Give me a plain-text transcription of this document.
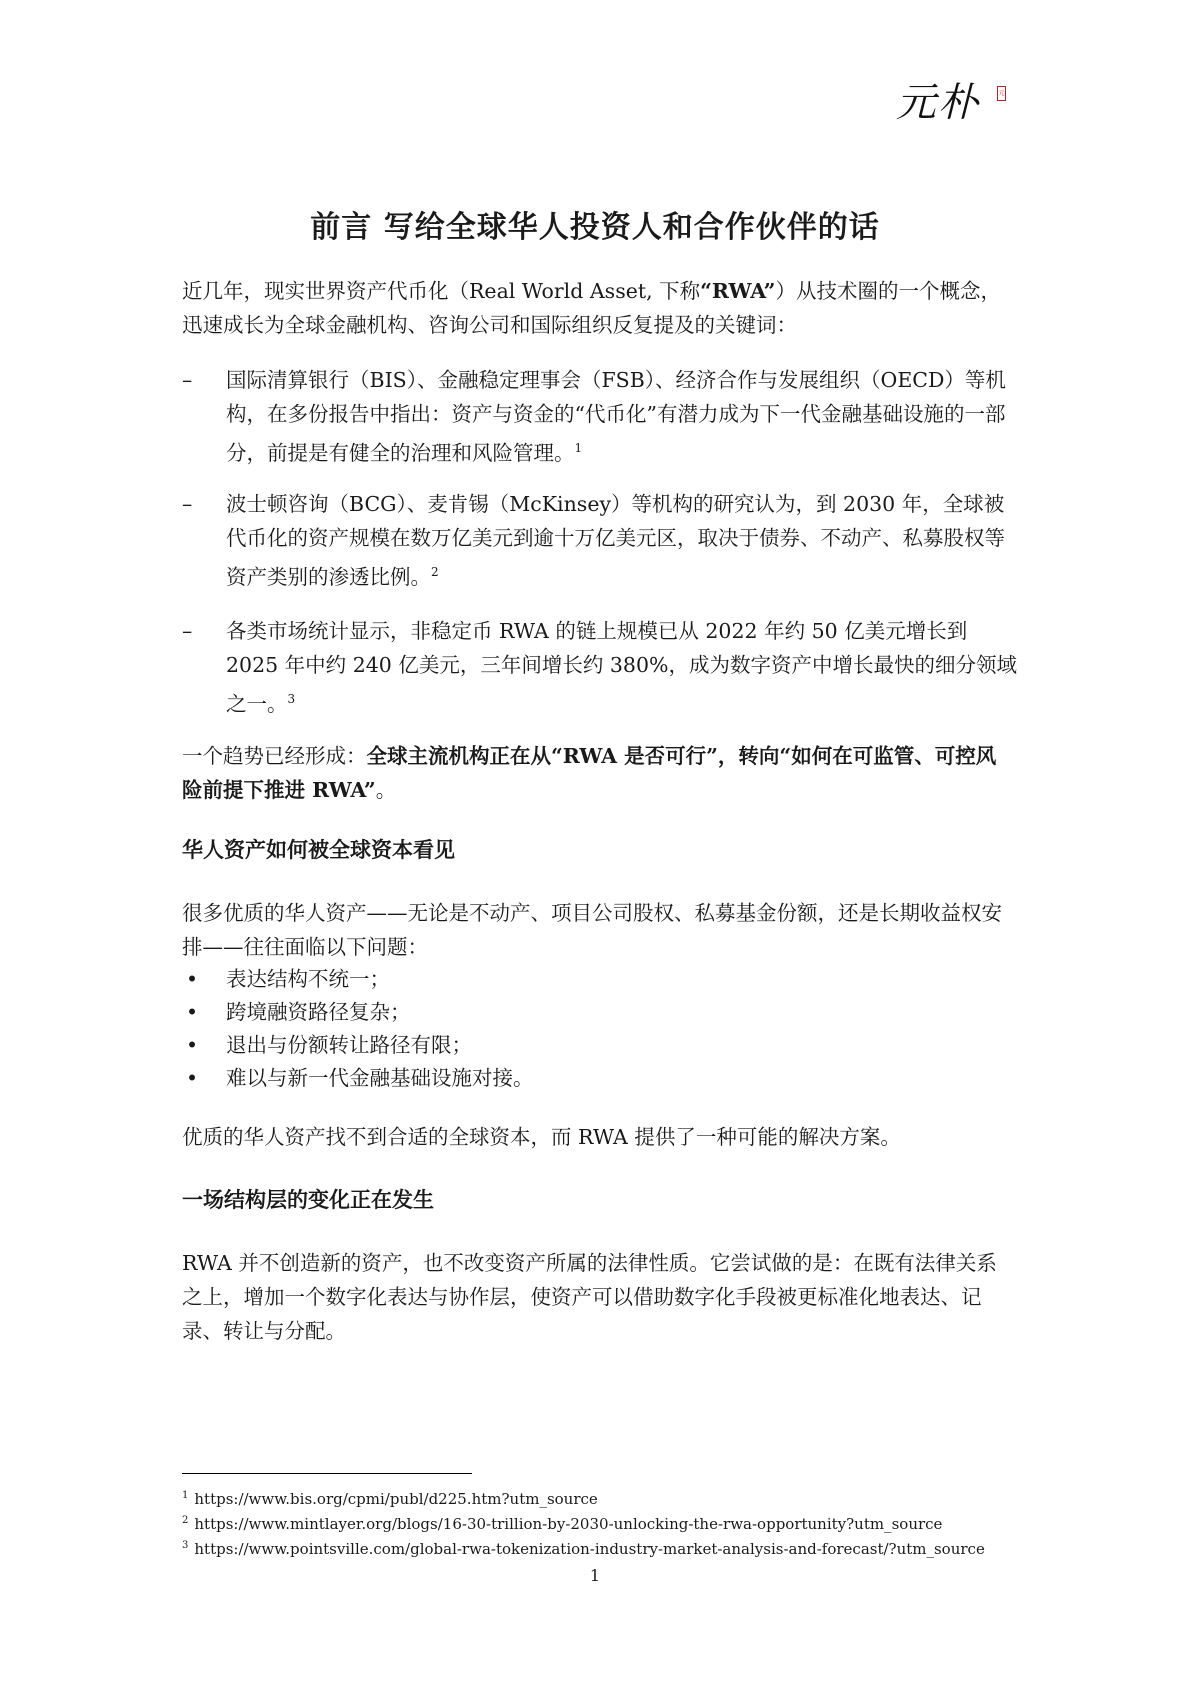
元朴	元
前言 写给全球华人投资人和合作伙伴的话

近几年，现实世界资产代币化（Real World Asset, 下称“RWA”）从技术圈的一个概念，迅速成长为全球金融机构、咨询公司和国际组织反复提及的关键词：

–	国际清算银行（BIS）、金融稳定理事会（FSB）、经济合作与发展组织（OECD）等机构，在多份报告中指出：资产与资金的“代币化”有潜力成为下一代金融基础设施的一部分，前提是有健全的治理和风险管理。$^1$
–	波士顿咨询（BCG）、麦肯锡（McKinsey）等机构的研究认为，到 2030 年，全球被代币化的资产规模在数万亿美元到逾十万亿美元区，取决于债券、不动产、私募股权等资产类别的渗透比例。$^2$
–	各类市场统计显示，非稳定币 RWA 的链上规模已从 2022 年约 50 亿美元增长到 2025 年中约 240 亿美元，三年间增长约 380%，成为数字资产中增长最快的细分领域之一。$^3$

一个趋势已经形成：全球主流机构正在从“RWA 是否可行”，转向“如何在可监管、可控风险前提下推进 RWA”。

华人资产如何被全球资本看见

很多优质的华人资产——无论是不动产、项目公司股权、私募基金份额，还是长期收益权安排——往往面临以下问题：

• 表达结构不统一；
• 跨境融资路径复杂；
• 退出与份额转让路径有限；
• 难以与新一代金融基础设施对接。

优质的华人资产找不到合适的全球资本，而 RWA 提供了一种可能的解决方案。

一场结构层的变化正在发生

RWA 并不创造新的资产，也不改变资产所属的法律性质。它尝试做的是：在既有法律关系之上，增加一个数字化表达与协作层，使资产可以借助数字化手段被更标准化地表达、记录、转让与分配。

$^1$ https://www.bis.org/cpmi/publ/d225.htm?utm_source
$^2$ https://www.mintlayer.org/blogs/16-30-trillion-by-2030-unlocking-the-rwa-opportunity?utm_source
$^3$ https://www.pointsville.com/global-rwa-tokenization-industry-market-analysis-and-forecast/?utm_source
1
